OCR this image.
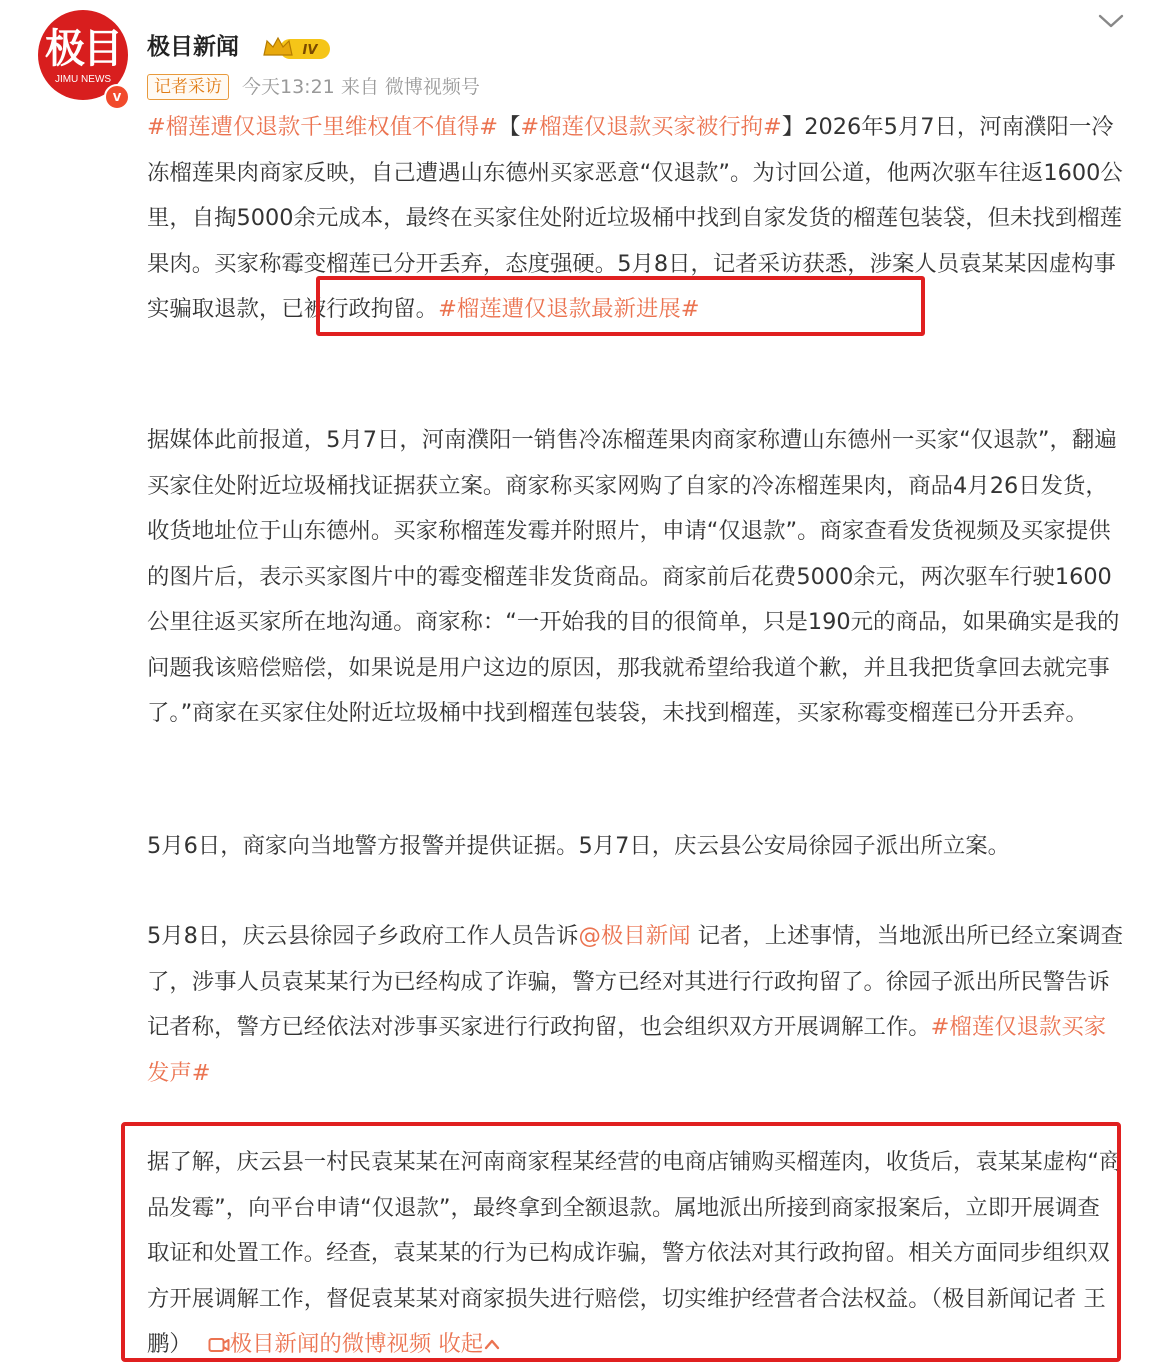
极目
JIMU NEWS
v
极目新闻	IV
记者采访	今天13:21 来自 微博视频号
#榴莲遭仅退款千里维权值不值得#【#榴莲仅退款买家被行拘#】2026年5月7日，河南濮阳一冷冻榴莲果肉商家反映，自己遭遇山东德州买家恶意“仅退款”。为讨回公道，他两次驱车往返1600公里，自掏5000余元成本，最终在买家住处附近垃圾桶中找到自家发货的榴莲包装袋，但未找到榴莲果肉。买家称霉变榴莲已分开丢弃，态度强硬。5月8日，记者采访获悉，涉案人员袁某某因虚构事实骗取退款，已被行政拘留。#榴莲遭仅退款最新进展#
据媒体此前报道，5月7日，河南濮阳一销售冷冻榴莲果肉商家称遭山东德州一买家“仅退款”，翻遍买家住处附近垃圾桶找证据获立案。商家称买家网购了自家的冷冻榴莲果肉，商品4月26日发货，收货地址位于山东德州。买家称榴莲发霉并附照片，申请“仅退款”。商家查看发货视频及买家提供的图片后，表示买家图片中的霉变榴莲非发货商品。商家前后花费5000余元，两次驱车行驶1600公里往返买家所在地沟通。商家称：“一开始我的目的很简单，只是190元的商品，如果确实是我的问题我该赔偿赔偿，如果说是用户这边的原因，那我就希望给我道个歉，并且我把货拿回去就完事了。”商家在买家住处附近垃圾桶中找到榴莲包装袋，未找到榴莲，买家称霉变榴莲已分开丢弃。
5月6日，商家向当地警方报警并提供证据。5月7日，庆云县公安局徐园子派出所立案。
5月8日，庆云县徐园子乡政府工作人员告诉@极目新闻 记者，上述事情，当地派出所已经立案调查了，涉事人员袁某某行为已经构成了诈骗，警方已经对其进行行政拘留了。徐园子派出所民警告诉记者称，警方已经依法对涉事买家进行行政拘留，也会组织双方开展调解工作。#榴莲仅退款买家发声#
据了解，庆云县一村民袁某某在河南商家程某经营的电商店铺购买榴莲肉，收货后，袁某某虚构“商品发霉”，向平台申请“仅退款”，最终拿到全额退款。属地派出所接到商家报案后，立即开展调查取证和处置工作。经查，袁某某的行为已构成诈骗，警方依法对其行政拘留。相关方面同步组织双方开展调解工作，督促袁某某对商家损失进行赔偿，切实维护经营者合法权益。（极目新闻记者 王鹏） 极目新闻的微博视频 收起
